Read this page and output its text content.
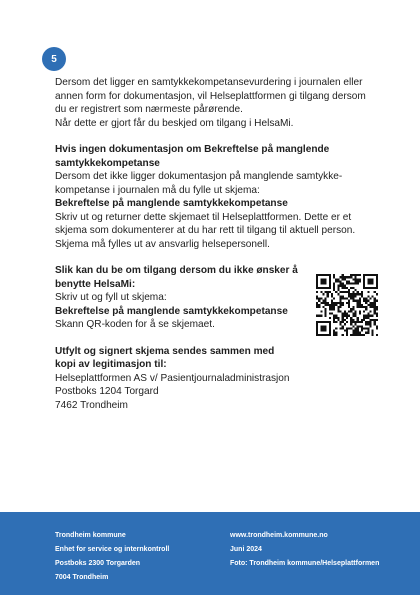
5

Dersom det ligger en samtykkekompetansevurdering i journalen eller

annen form for dokumentasjon, vil Helseplattformen gi tilgang dersom

du er registrert som nærmeste pårørende.

Når dette er gjort får du beskjed om tilgang i HelsaMi.

Hvis ingen dokumentasjon om Bekreftelse på manglende

samtykkekompetanse

Dersom det ikke ligger dokumentasjon på manglende samtykke-

kompetanse i journalen må du fylle ut skjema:

Bekreftelse på manglende samtykkekompetanse

Skriv ut og returner dette skjemaet til Helseplattformen. Dette er et

skjema som dokumenterer at du har rett til tilgang til aktuell person.

Skjema må fylles ut av ansvarlig helsepersonell.

Slik kan du be om tilgang dersom du ikke ønsker å

benytte HelsaMi:

Skriv ut og fyll ut skjema:

Bekreftelse på manglende samtykkekompetanse

Skann QR-koden for å se skjemaet.

Utfylt og signert skjema sendes sammen med

kopi av legitimasjon til:

Helseplattformen AS v/ Pasientjournaladministrasjon

Postboks 1204 Torgard

7462 Trondheim

Trondheim kommune
Enhet for service og internkontroll
Postboks 2300 Torgarden
7004 Trondheim
www.trondheim.kommune.no
Juni 2024
Foto: Trondheim kommune/Helseplattformen
